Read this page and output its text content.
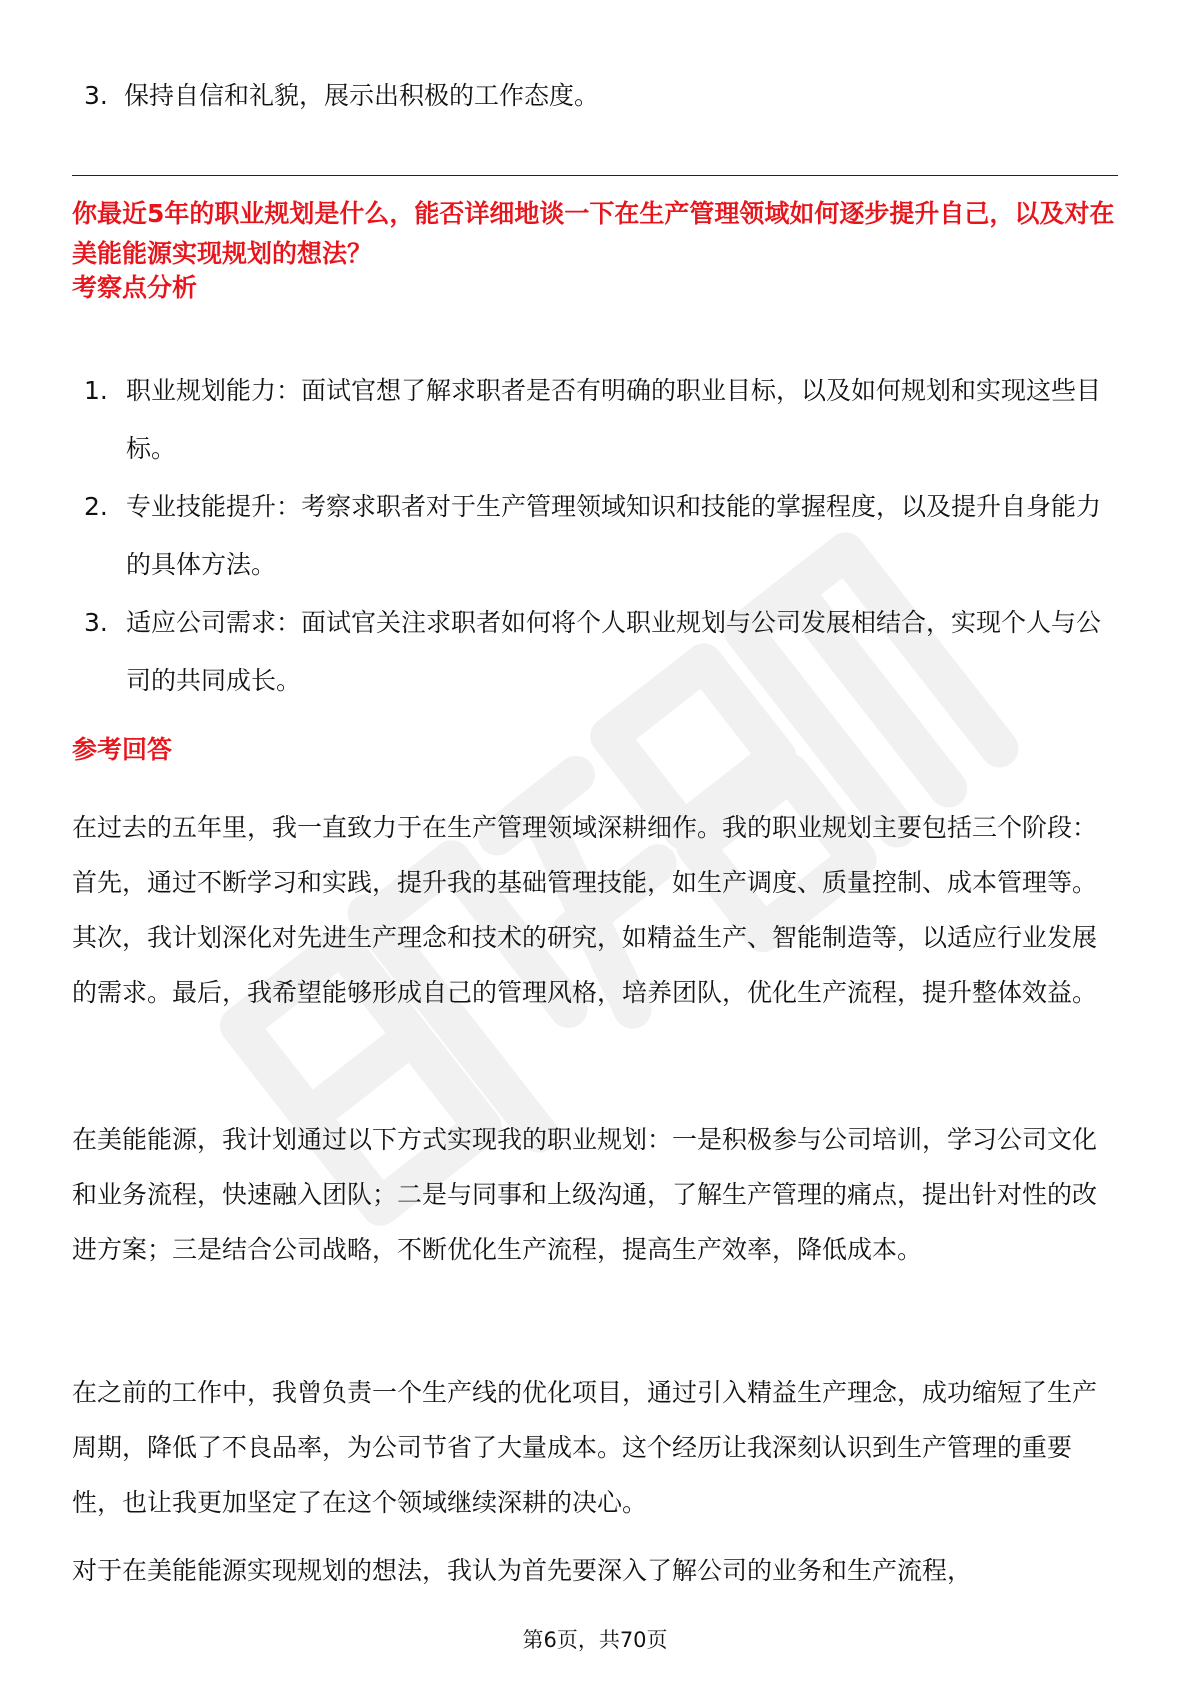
3. 保持自信和礼貌，展示出积极的工作态度。
你最近5年的职业规划是什么，能否详细地谈一下在生产管理领域如何逐步提升自己，以及对在美能能源实现规划的想法？
考察点分析
1. 职业规划能力：面试官想了解求职者是否有明确的职业目标，以及如何规划和实现这些目标。
2. 专业技能提升：考察求职者对于生产管理领域知识和技能的掌握程度，以及提升自身能力的具体方法。
3. 适应公司需求：面试官关注求职者如何将个人职业规划与公司发展相结合，实现个人与公司的共同成长。
参考回答

在过去的五年里，我一直致力于在生产管理领域深耕细作。我的职业规划主要包括三个阶段：首先，通过不断学习和实践，提升我的基础管理技能，如生产调度、质量控制、成本管理等。其次，我计划深化对先进生产理念和技术的研究，如精益生产、智能制造等，以适应行业发展的需求。最后，我希望能够形成自己的管理风格，培养团队，优化生产流程，提升整体效益。

在美能能源，我计划通过以下方式实现我的职业规划：一是积极参与公司培训，学习公司文化和业务流程，快速融入团队；二是与同事和上级沟通，了解生产管理的痛点，提出针对性的改进方案；三是结合公司战略，不断优化生产流程，提高生产效率，降低成本。

在之前的工作中，我曾负责一个生产线的优化项目，通过引入精益生产理念，成功缩短了生产周期，降低了不良品率，为公司节省了大量成本。这个经历让我深刻认识到生产管理的重要性，也让我更加坚定了在这个领域继续深耕的决心。

对于在美能能源实现规划的想法，我认为首先要深入了解公司的业务和生产流程，

第6页，共70页
